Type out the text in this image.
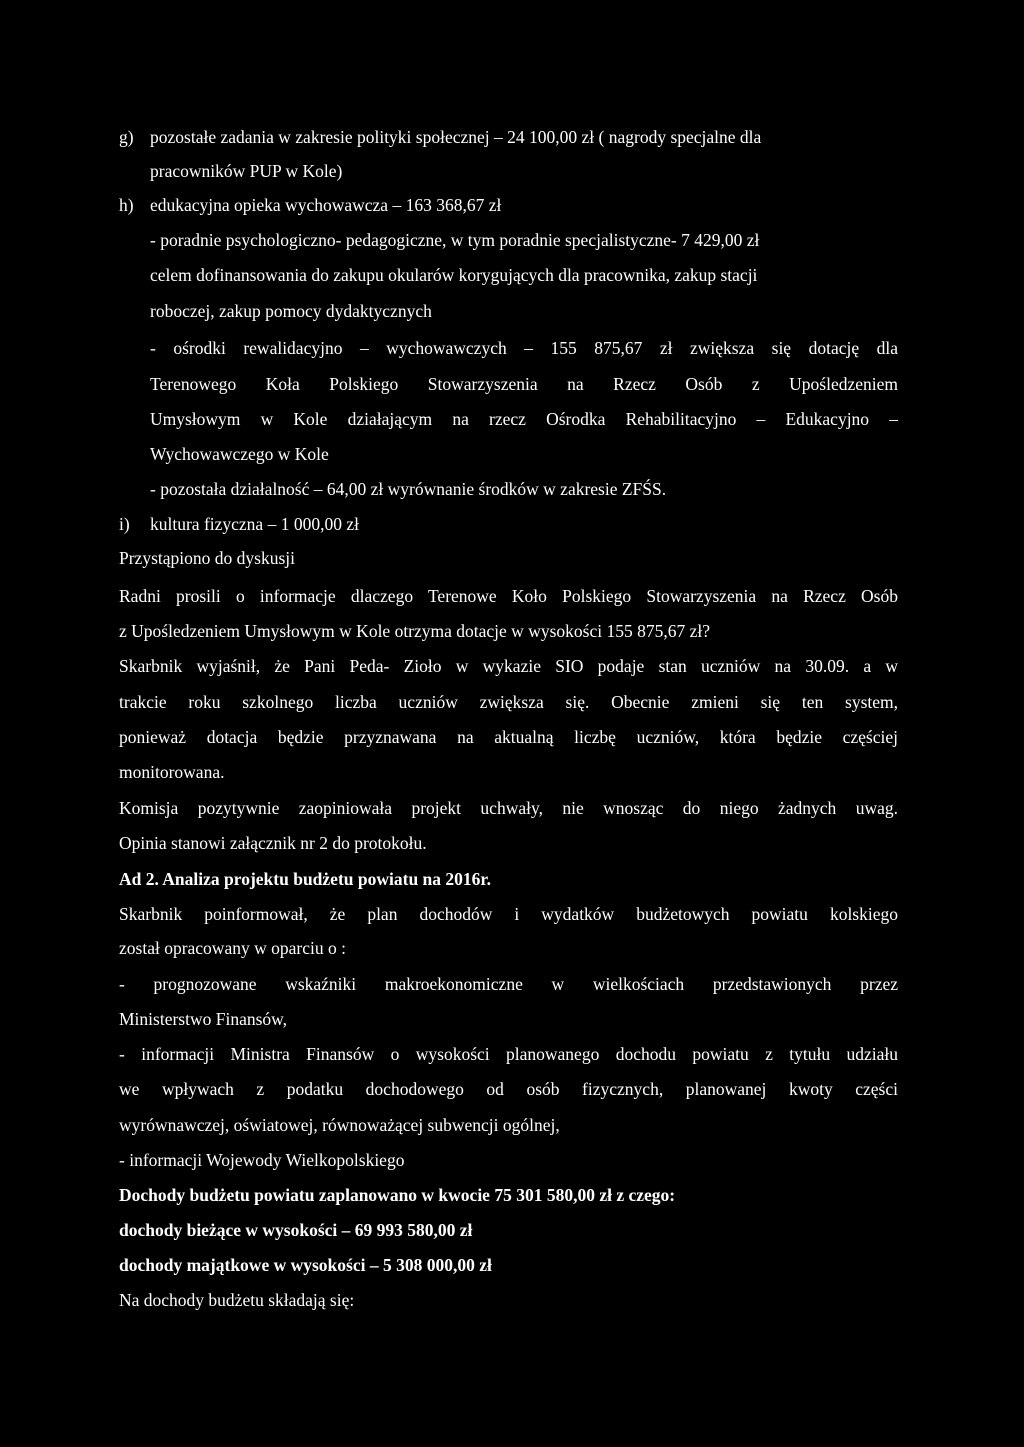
g) pozostałe zadania w zakresie polityki społecznej – 24 100,00 zł ( nagrody specjalne dla
pracowników PUP w Kole)
h) edukacyjna opieka wychowawcza – 163 368,67 zł
- poradnie psychologiczno- pedagogiczne, w tym poradnie specjalistyczne- 7 429,00 zł
celem dofinansowania do zakupu okularów korygujących dla pracownika, zakup stacji
roboczej, zakup pomocy dydaktycznych
- ośrodki rewalidacyjno – wychowawczych – 155 875,67 zł zwiększa się dotację dla
Terenowego Koła Polskiego Stowarzyszenia na Rzecz Osób z Upośledzeniem
Umysłowym w Kole działającym na rzecz Ośrodka Rehabilitacyjno – Edukacyjno –
Wychowawczego w Kole
- pozostała działalność – 64,00 zł wyrównanie środków w zakresie ZFŚS.
i) kultura fizyczna – 1 000,00 zł
Przystąpiono do dyskusji
Radni prosili o informacje dlaczego Terenowe Koło Polskiego Stowarzyszenia na Rzecz Osób
z Upośledzeniem Umysłowym w Kole otrzyma dotacje w wysokości 155 875,67 zł?
Skarbnik wyjaśnił, że Pani Peda- Zioło w wykazie SIO podaje stan uczniów na 30.09. a w
trakcie roku szkolnego liczba uczniów zwiększa się. Obecnie zmieni się ten system,
ponieważ dotacja będzie przyznawana na aktualną liczbę uczniów, która będzie częściej
monitorowana.
Komisja pozytywnie zaopiniowała projekt uchwały, nie wnosząc do niego żadnych uwag.
Opinia stanowi załącznik nr 2 do protokołu.
Ad 2. Analiza projektu budżetu powiatu na 2016r.
Skarbnik poinformował, że plan dochodów i wydatków budżetowych powiatu kolskiego
został opracowany w oparciu o :
- prognozowane wskaźniki makroekonomiczne w wielkościach przedstawionych przez
Ministerstwo Finansów,
- informacji Ministra Finansów o wysokości planowanego dochodu powiatu z tytułu udziału
we wpływach z podatku dochodowego od osób fizycznych, planowanej kwoty części
wyrównawczej, oświatowej, równoważącej subwencji ogólnej,
- informacji Wojewody Wielkopolskiego
Dochody budżetu powiatu zaplanowano w kwocie 75 301 580,00 zł z czego:
dochody bieżące w wysokości – 69 993 580,00 zł
dochody majątkowe w wysokości – 5 308 000,00 zł
Na dochody budżetu składają się:
